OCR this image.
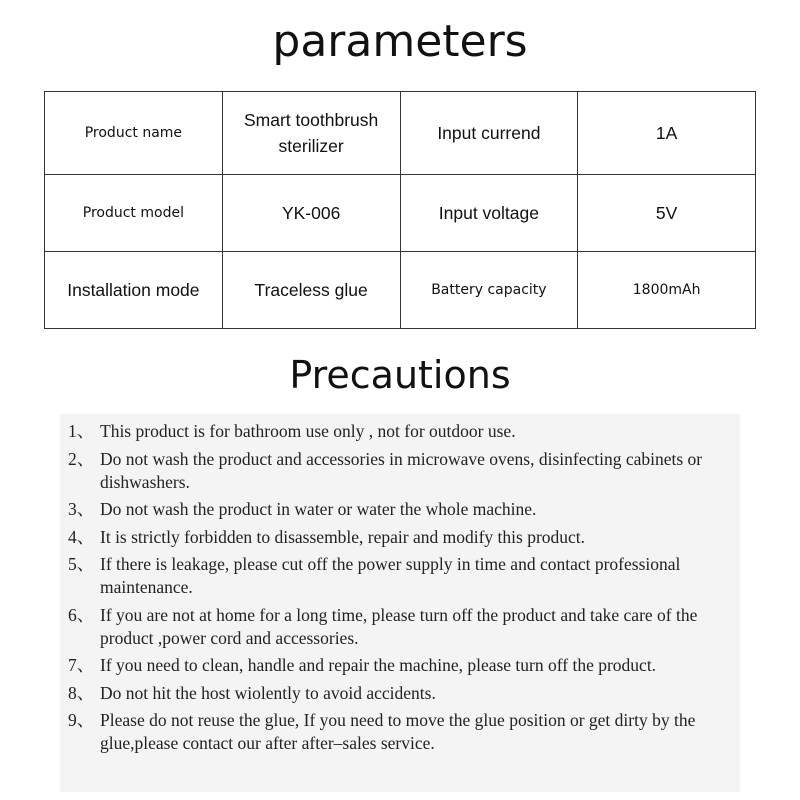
parameters
Product name	Smart toothbrush sterilizer	Input currend	1A
Product model	YK-006	Input voltage	5V
Installation mode	Traceless glue	Battery capacity	1800mAh
Precautions
1、 This product is for bathroom use only , not for outdoor use.
2、 Do not wash the product and accessories in microwave ovens, disinfecting cabinets or dishwashers.
3、 Do not wash the product in water or water the whole machine.
4、 It is strictly forbidden to disassemble, repair and modify this product.
5、 If there is leakage, please cut off the power supply in time and contact professional maintenance.
6、 If you are not at home for a long time, please turn off the product and take care of the product ,power cord and accessories.
7、 If you need to clean, handle and repair the machine, please turn off the product.
8、 Do not hit the host wiolently to avoid accidents.
9、 Please do not reuse the glue, If you need to move the glue position or get dirty by the glue,please contact our after after–sales service.
